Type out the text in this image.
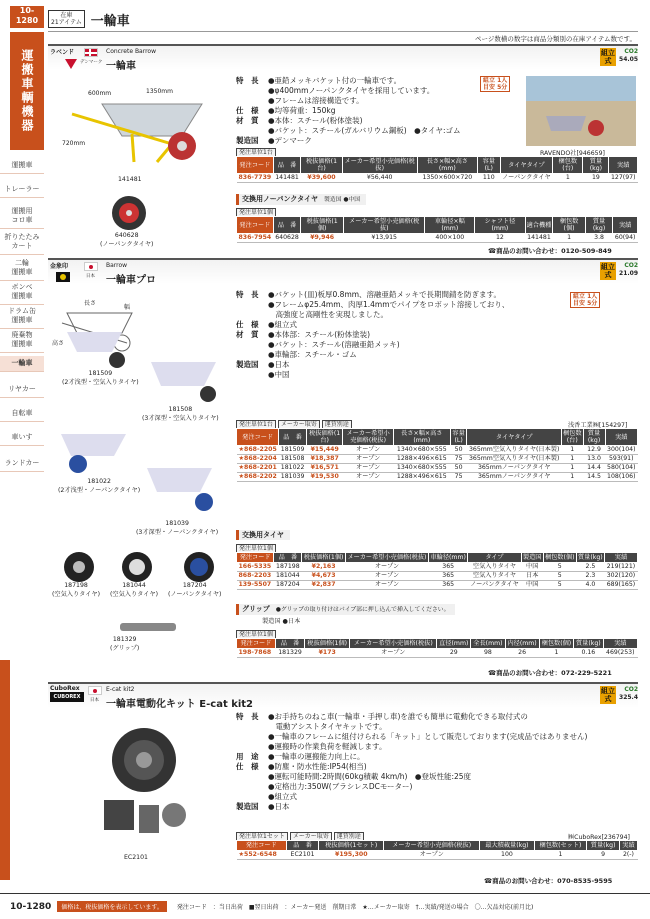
10-
1280
運搬車輌機器
運搬車
トレーラー
運搬用
コロ車
折りたたみ
カート
二輪
運搬車
ボンベ
運搬車
ドラム缶
運搬車
廃棄物
運搬車
一輪車
リヤカー
自転車
車いす
ランドカー
在庫
21アイテム 一輪車
ページ数横の数字は商品分類別の在庫アイテム数です。
ラベンド
デンマーク
Concrete Barrow
一輪車
組立式
CO2
54.05
600mm	1350mm
720mm
141481
640628
(ノーパンクタイヤ)
特　長	●亜鉛メッキバケット付の一輪車です。
●φ400mmノーパンクタイヤを採用しています。
●フレームは溶接構造です。
仕　様	●均等荷重：150kg
材　質	●本体：スチール(粉体塗装)
●バケット：スチール(ガルバリウム鋼板)　●タイヤ:ゴム
製造国	●デンマーク
組立 1人
目安 5分
RAVENDO社[946659]
発注単位1台
発注コード	品　番	税抜価格(1台)	メーカー希望小売価格(税抜)	長さ×幅×高さ(mm)	容量(L)	タイヤタイプ	梱包数(台)	質量(kg)	実績
836-7739	141481	¥39,600	¥56,440	1350×600×720	110	ノーパンクタイヤ	1	19	127(97)
交換用ノーパンクタイヤ 製造国 ●中国
発注単位1個
発注コード	品　番	税抜価格(1個)	メーカー希望小売価格(税抜)	車輪径×幅(mm)	シャフト径(mm)	適合機種	梱包数(個)	質量(kg)	実績
836-7954	640628	¥9,946	¥13,915	400×100	12	141481	1	3.8	60(94)
☎商品のお問い合わせ：0120-509-849
金象印
日本
Barrow
一輪車プロ
組立式
CO2
21.09
長さ
幅
高さ
181509
(2才浅型・空気入りタイヤ)
181508
(3才深型・空気入りタイヤ)
181022
(2才浅型・ノーパンクタイヤ)
181039
(3才深型・ノーパンクタイヤ)
特　長	●バケット(皿)板厚0.8mm、溶融亜鉛メッキで長期間錆を防ぎます。
●フレームφ25.4mm、肉厚1.4mmでパイプをロボット溶接しており、
　高強度と高剛性を実現しました。
仕　様	●組立式
材　質	●本体部：スチール(粉体塗装)
●バケット：スチール(溶融亜鉛メッキ)
●車輪部：スチール・ゴム
製造国	●日本
●中国
組立 1人
目安 5分
浅香工業㈱[154297]
発注単位1台	メーカー取寄	運賃別途
発注コード	品　番	税抜価格(1台)	メーカー希望小売価格(税抜)	長さ×幅×高さ(mm)	容量(L)	タイヤタイプ	梱包数(台)	質量(kg)	実績
★868-2205	181509	¥15,449	オープン	1340×680×555	50	365mm空気入りタイヤ(日本製)	1	12.9	300(104)
★868-2204	181508	¥18,387	オープン	1288×496×615	75	365mm空気入りタイヤ(日本製)	1	13.0	593(91)
★868-2201	181022	¥16,571	オープン	1340×680×555	50	365mmノーパンクタイヤ	1	14.4	580(104)
★868-2202	181039	¥19,530	オープン	1288×496×615	75	365mmノーパンクタイヤ	1	14.5	108(106)
交換用タイヤ
発注単位1個
発注コード	品　番	税抜価格(1個)	メーカー希望小売価格(税抜)	車輪径(mm)	タイプ	製造国	梱包数(個)	質量(kg)	実績
166-5335	187198	¥2,163	オープン	365	空気入りタイヤ	中国	5	2.5	219(121)
868-2203	181044	¥4,673	オープン	365	空気入りタイヤ	日本	5	2.3	302(120)
139-5507	187204	¥2,837	オープン	365	ノーパンクタイヤ	中国	5	4.0	689(165)
187198
(空気入りタイヤ)
181044
(空気入りタイヤ)
187204
(ノーパンクタイヤ)
グリップ ●グリップの取り付けはパイプ部に押し込んで挿入してください。
製造国 ●日本
181329
(グリップ)
発注単位1個
発注コード	品　番	税抜価格(1個)	メーカー希望小売価格(税抜)	直径(mm)	全長(mm)	内径(mm)	梱包数(個)	質量(kg)	実績
198-7868	181329	¥173	オープン	29	98	26	1	0.16	469(253)
☎商品のお問い合わせ：072-229-5221
CuboRex
CUBOREX
日本
E-cat kit2
一輪車電動化キット E-cat kit2
組立式
CO2
325.4
EC2101
特　長	●お手持ちのねこ車(一輪車・手押し車)を誰でも簡単に電動化できる取付式の
　電動アシストタイヤキットです。
●一輪車のフレームに組付けられる「キット」として販売しております(完成品ではありません)
●運搬時の作業負荷を軽減します。
用　途	●一輪車の運搬能力向上に。
仕　様	●防塵・防水性能:IP54(相当)
●運転可能時間:2時間(60kg積載 4km/h)　●登坂性能:25度
●定格出力:350W(ブラシレスDCモーター)
●組立式
製造国	●日本
㈱CuboRex[236794]
発注単位1セット	メーカー取寄	運賃別途
発注コード	品　番	税抜価格(1セット)	メーカー希望小売価格(税抜)	最大積載量(kg)	梱包数(セット)	質量(kg)	実績
★552-6548	EC2101	¥195,300	オープン	100	1	9	2(-)
☎商品のお問い合わせ：070-8535-9595
10-1280	価格は、税抜価格を表示しています。	発注コード　：当日出荷　■翌日出荷　：メーカー発送　削期日常　★…メーカー取寄　†…実績/発送の場合　〇…欠品対応(前月比)
